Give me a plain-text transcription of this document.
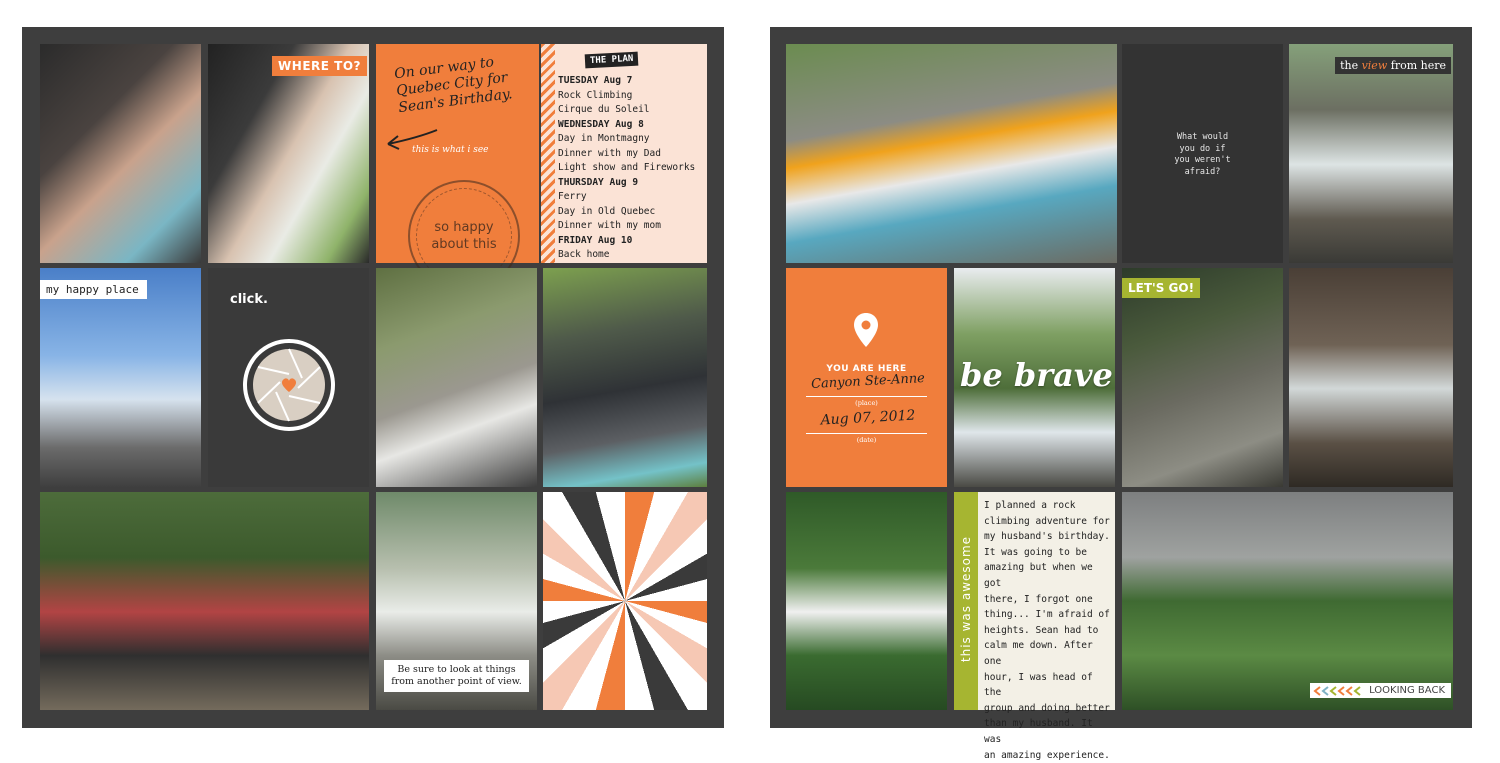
WHERE TO?	On our way to Quebec City for Sean's Birthday.
this is what i see
so happy
about this
THE PLAN
TUESDAY Aug 7
Rock Climbing
Cirque du Soleil
WEDNESDAY Aug 8
Day in Montmagny
Dinner with my Dad
Light show and Fireworks
THURSDAY Aug 9
Ferry
Day in Old Quebec
Dinner with my mom
FRIDAY Aug 10
Back home
my happy place
click.
Be sure to look at things
from another point of view.
What would
you do if
you weren't
afraid?
the view from here
YOU ARE HERE
Canyon Ste-Anne
(place)
Aug 07, 2012
(date)
be brave
LET'S GO!
this was awesome
I planned a rock
climbing adventure for
my husband's birthday.
It was going to be
amazing but when we got
there, I forgot one
thing... I'm afraid of
heights. Sean had to
calm me down. After one
hour, I was head of the
group and doing better
than my husband. It was
an amazing experience.
LOOKING BACK
